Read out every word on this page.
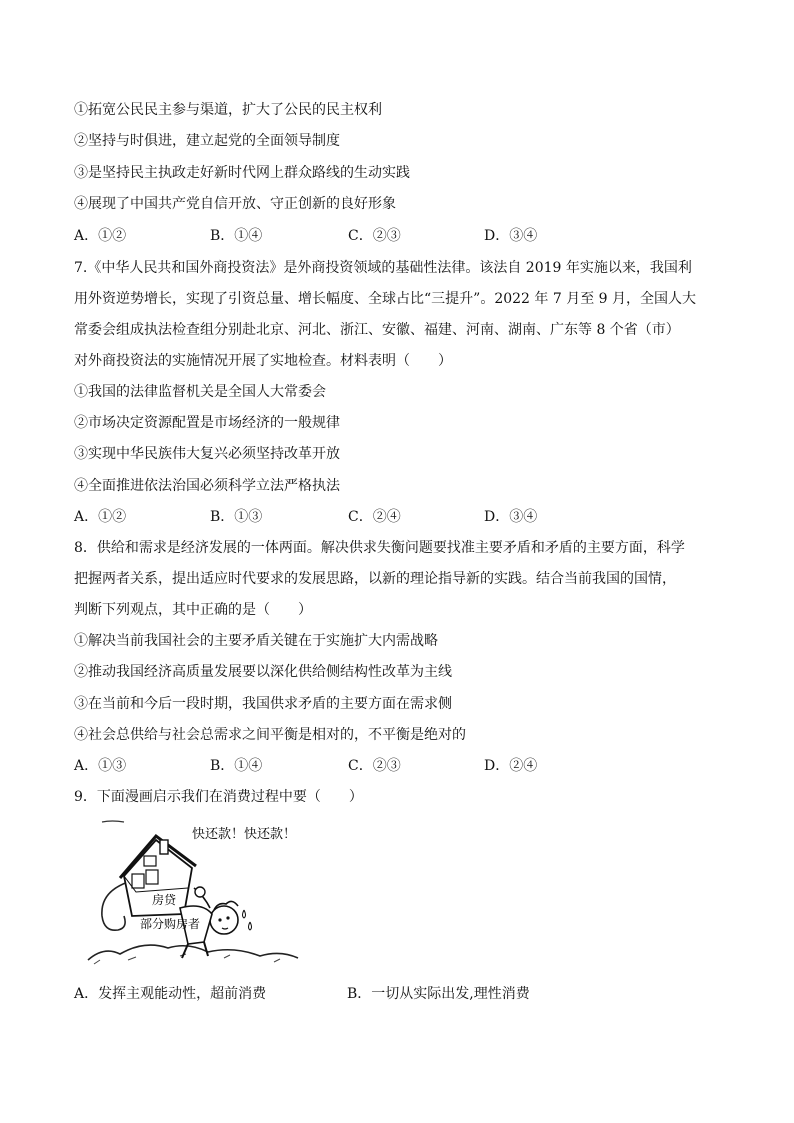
①拓宽公民民主参与渠道，扩大了公民的民主权利
②坚持与时俱进，建立起党的全面领导制度
③是坚持民主执政走好新时代网上群众路线的生动实践
④展现了中国共产党自信开放、守正创新的良好形象
A．①②	B．①④	C．②③	D．③④
7.《中华人民共和国外商投资法》是外商投资领域的基础性法律。该法自 2019 年实施以来，我国利
用外资逆势增长，实现了引资总量、增长幅度、全球占比“三提升”。2022 年 7 月至 9 月，全国人大
常委会组成执法检查组分别赴北京、河北、浙江、安徽、福建、河南、湖南、广东等 8 个省（市）
对外商投资法的实施情况开展了实地检查。材料表明（　　）
①我国的法律监督机关是全国人大常委会
②市场决定资源配置是市场经济的一般规律
③实现中华民族伟大复兴必须坚持改革开放
④全面推进依法治国必须科学立法严格执法
A．①②	B．①③	C．②④	D．③④
8．供给和需求是经济发展的一体两面。解决供求失衡问题要找准主要矛盾和矛盾的主要方面，科学
把握两者关系，提出适应时代要求的发展思路，以新的理论指导新的实践。结合当前我国的国情，
判断下列观点，其中正确的是（　　）
①解决当前我国社会的主要矛盾关键在于实施扩大内需战略
②推动我国经济高质量发展要以深化供给侧结构性改革为主线
③在当前和今后一段时期，我国供求矛盾的主要方面在需求侧
④社会总供给与社会总需求之间平衡是相对的，不平衡是绝对的
A．①③	B．①④	C．②③	D．②④
9．下面漫画启示我们在消费过程中要（　　）
快还款！快还款！
房贷
部分购房者
A．发挥主观能动性，超前消费	B．一切从实际出发,理性消费
